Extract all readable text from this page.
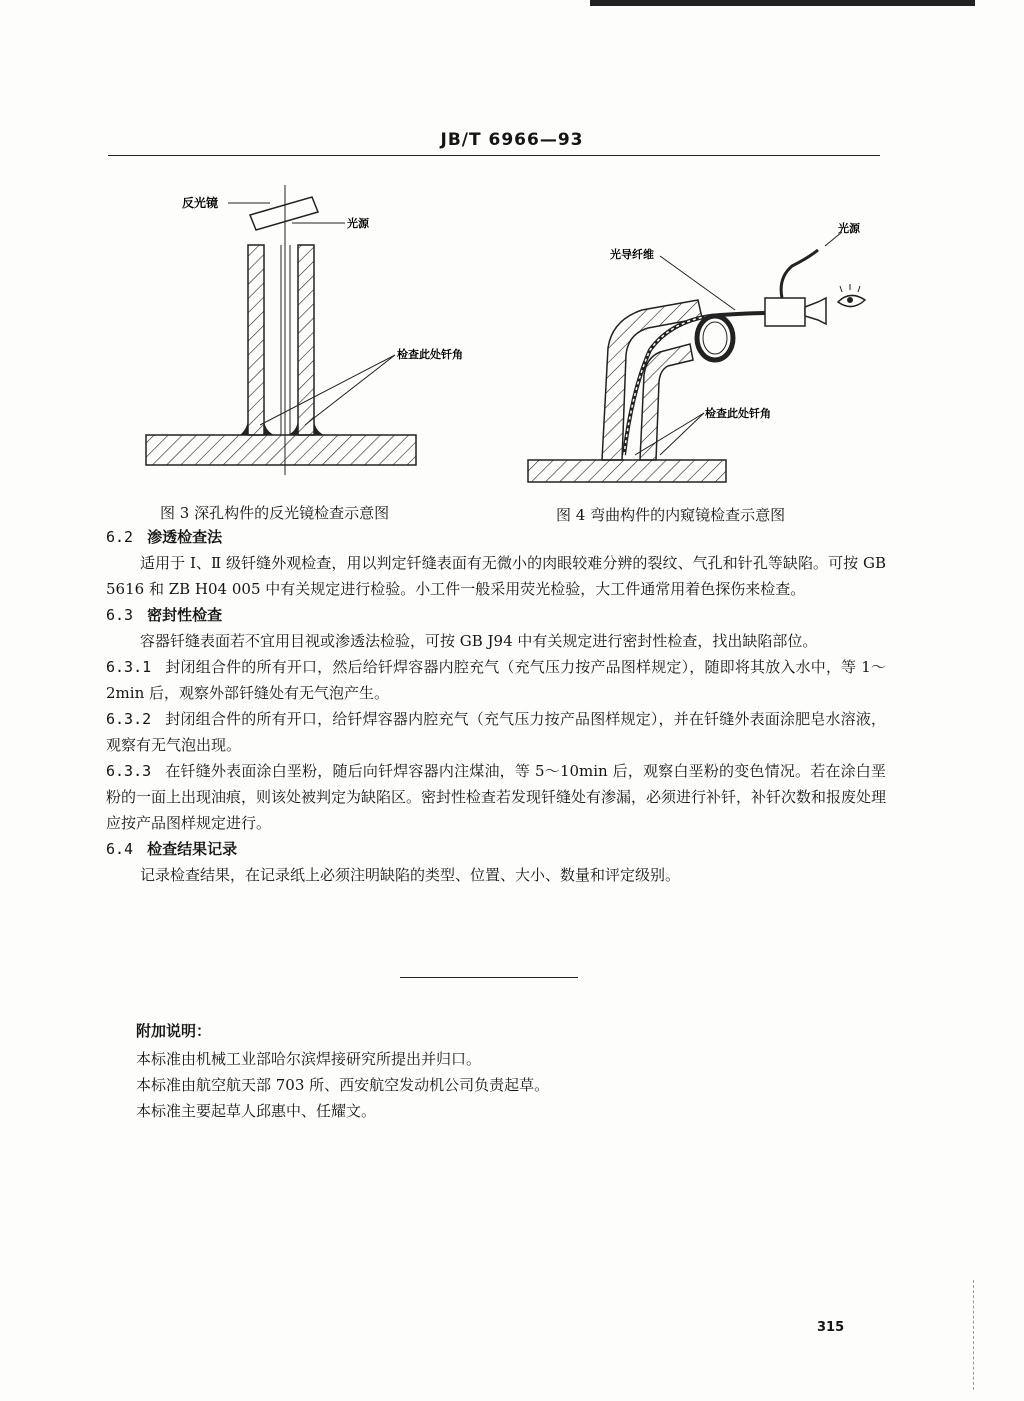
JB/T 6966—93
反光镜
光源
检查此处钎角
光源
光导纤维
检查此处钎角
图 3 深孔构件的反光镜检查示意图	图 4 弯曲构件的内窥镜检查示意图

6.2 渗透检查法

适用于 Ⅰ、Ⅱ 级钎缝外观检查，用以判定钎缝表面有无微小的肉眼较难分辨的裂纹、气孔和针孔等缺陷。可按 GB 5616 和 ZB H04 005 中有关规定进行检验。小工件一般采用荧光检验，大工件通常用着色探伤来检查。

6.3 密封性检查

容器钎缝表面若不宜用目视或渗透法检验，可按 GB J94 中有关规定进行密封性检查，找出缺陷部位。

6.3.1 封闭组合件的所有开口，然后给钎焊容器内腔充气（充气压力按产品图样规定），随即将其放入水中，等 1～2min 后，观察外部钎缝处有无气泡产生。

6.3.2 封闭组合件的所有开口，给钎焊容器内腔充气（充气压力按产品图样规定），并在钎缝外表面涂肥皂水溶液，观察有无气泡出现。

6.3.3 在钎缝外表面涂白垩粉，随后向钎焊容器内注煤油，等 5～10min 后，观察白垩粉的变色情况。若在涂白垩粉的一面上出现油痕，则该处被判定为缺陷区。密封性检查若发现钎缝处有渗漏，必须进行补钎，补钎次数和报废处理应按产品图样规定进行。

6.4 检查结果记录

记录检查结果，在记录纸上必须注明缺陷的类型、位置、大小、数量和评定级别。

附加说明：
本标准由机械工业部哈尔滨焊接研究所提出并归口。
本标准由航空航天部 703 所、西安航空发动机公司负责起草。
本标准主要起草人邱惠中、任耀文。
315
